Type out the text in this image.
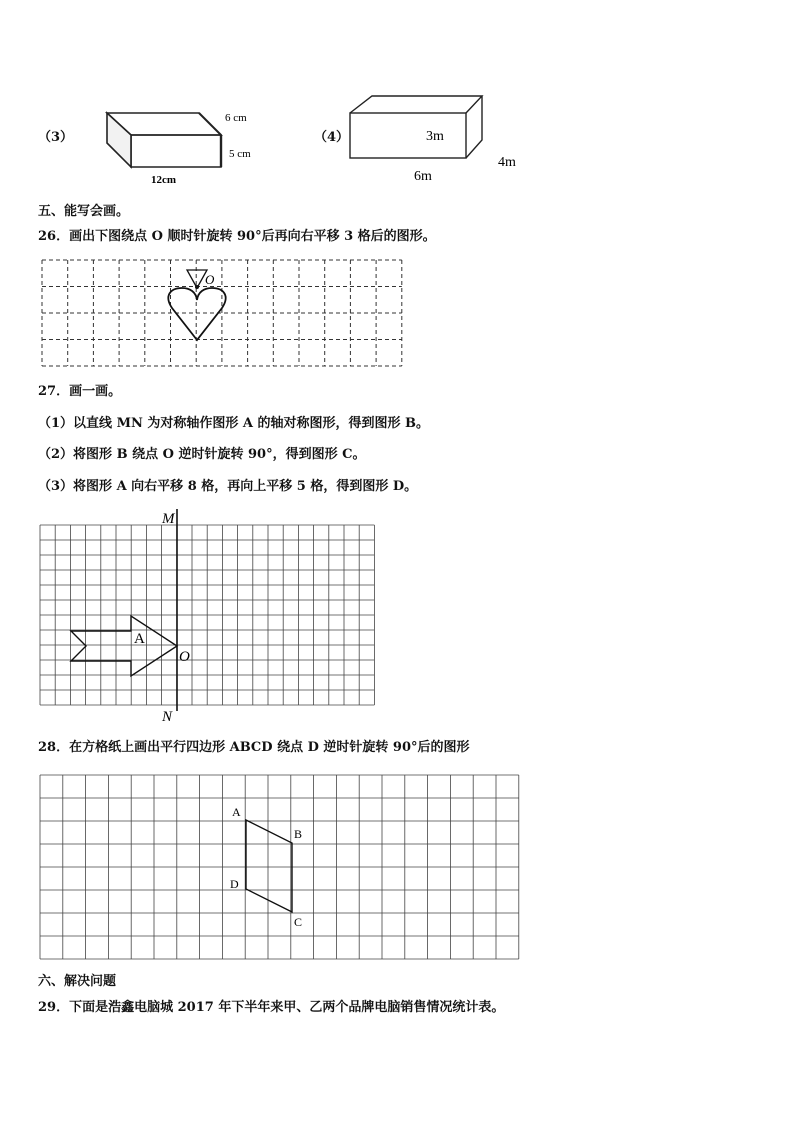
（3）
6 cm
5 cm
12cm
（4）	3m
6m
4m
五、能写会画。
26．画出下图绕点 O 顺时针旋转 90°后再向右平移 3 格后的图形。
O
27．画一画。
（1）以直线 MN 为对称轴作图形 A 的轴对称图形，得到图形 B。
（2）将图形 B 绕点 O 逆时针旋转 90°，得到图形 C。
（3）将图形 A 向右平移 8 格，再向上平移 5 格，得到图形 D。
M
N
A
O
28．在方格纸上画出平行四边形 ABCD 绕点 D 逆时针旋转 90°后的图形
A
B
C
D
六、解决问题
29．下面是浩鑫电脑城 2017 年下半年来甲、乙两个品牌电脑销售情况统计表。
